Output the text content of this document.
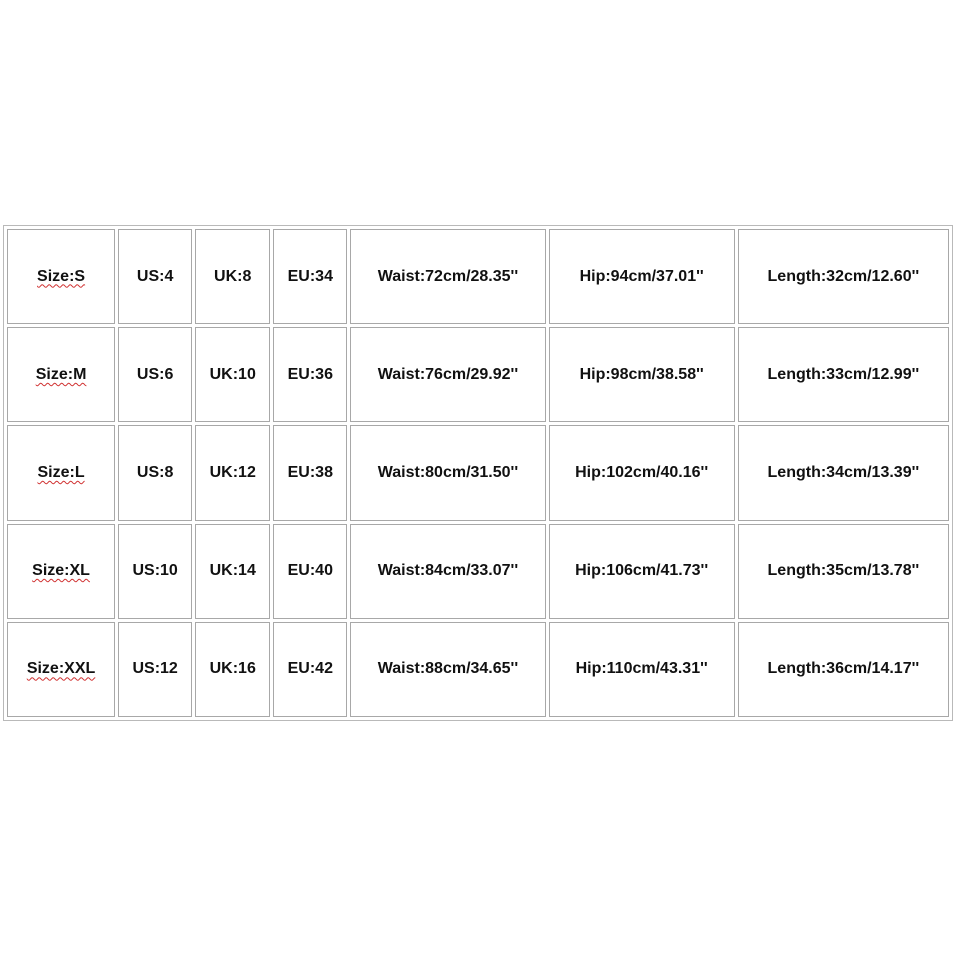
Size:S	US:4	UK:8	EU:34	Waist:72cm/28.35''	Hip:94cm/37.01''	Length:32cm/12.60''
Size:M	US:6	UK:10	EU:36	Waist:76cm/29.92''	Hip:98cm/38.58''	Length:33cm/12.99''
Size:L	US:8	UK:12	EU:38	Waist:80cm/31.50''	Hip:102cm/40.16''	Length:34cm/13.39''
Size:XL	US:10	UK:14	EU:40	Waist:84cm/33.07''	Hip:106cm/41.73''	Length:35cm/13.78''
Size:XXL	US:12	UK:16	EU:42	Waist:88cm/34.65''	Hip:110cm/43.31''	Length:36cm/14.17''
